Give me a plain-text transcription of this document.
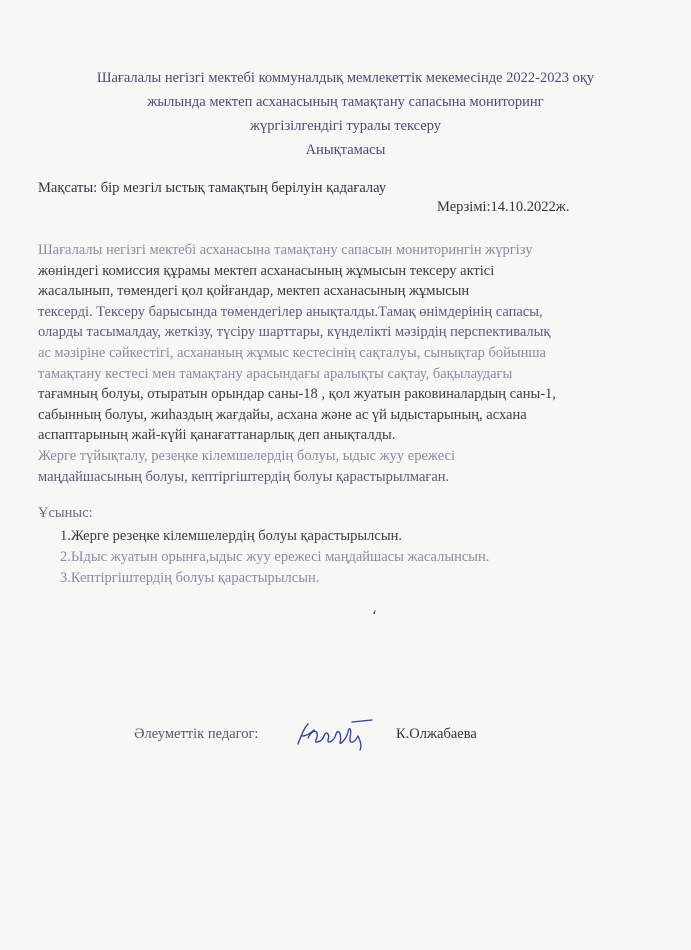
Шағалалы негізгі мектебі коммуналдық мемлекеттік мекемесінде 2022-2023 оқу
жылында мектеп асханасының тамақтану сапасына мониторинг
жүргізілгендігі туралы тексеру
Анықтамасы
Мақсаты: бір мезгіл ыстық тамақтың берілуін қадағалау
Мерзімі:14.10.2022ж.
Шағалалы негізгі мектебі асханасына тамақтану сапасын мониторингін жүргізу
жөніндегі комиссия құрамы мектеп асханасының жұмысын тексеру актісі
жасалынып, төмендегі қол қойғандар, мектеп асханасының жұмысын
тексерді. Тексеру барысында төмендегілер анықталды.Тамақ өнімдерінің сапасы,
оларды тасымалдау, жеткізу, түсіру шарттары, күнделікті мәзірдің перспективалық
ас мәзіріне сәйкестігі, асхананың жұмыс кестесінің сақталуы, сынықтар бойынша
тамақтану кестесі мен тамақтану арасындағы аралықты сақтау, бақылаудағы
тағамның болуы, отыратын орындар саны-18 , қол жуатын раковиналардың саны-1,
сабынның болуы, жиһаздың жағдайы, асхана және ас үй ыдыстарының, асхана
аспаптарының жай-күйі қанағаттанарлық деп анықталды.
Жерге түйықталу, резеңке кілемшелердің болуы, ыдыс жуу ережесі
маңдайшасының болуы, кептіргіштердің болуы қарастырылмаған.
Ұсыныс:
1.Жерге резеңке кілемшелердің болуы қарастырылсын.
2.Ыдыс жуатын орынға,ыдыс жуу ережесі маңдайшасы жасалынсын.
3.Кептіргіштердің болуы қарастырылсын.
،
Әлеуметтік педагог:	К.Олжабаева
